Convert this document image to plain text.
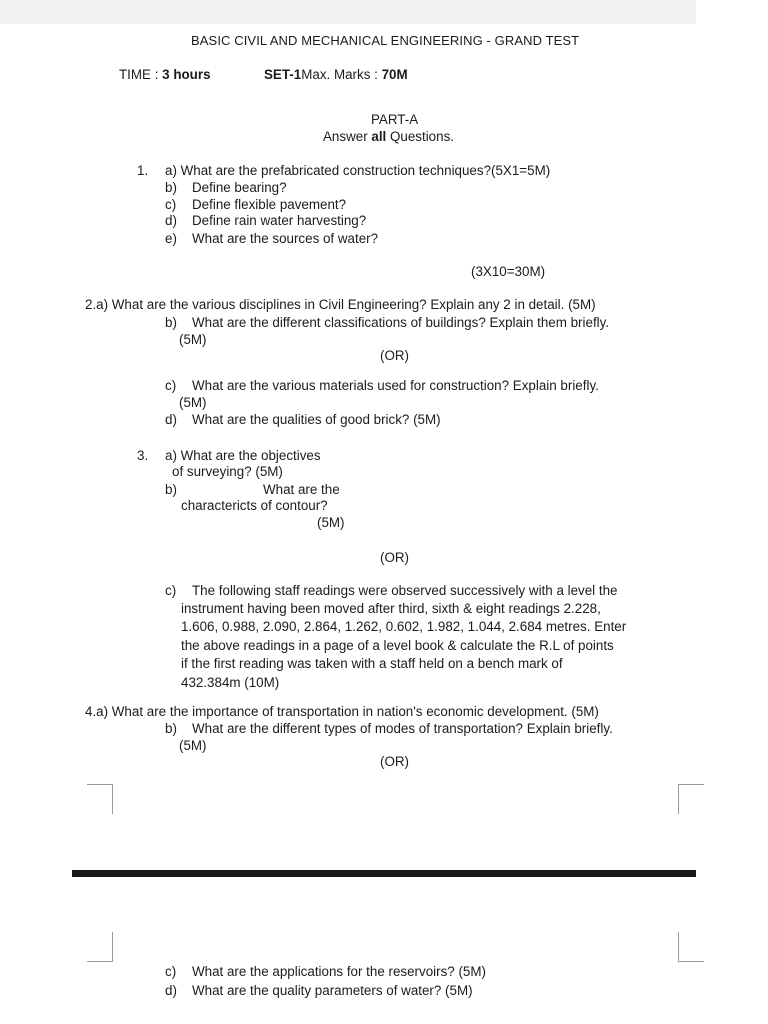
BASIC CIVIL AND MECHANICAL ENGINEERING - GRAND TEST
TIME : 3 hours	SET-1Max. Marks : 70M
PART-A
Answer all Questions.
1. a) What are the prefabricated construction techniques?(5X1=5M)
b) Define bearing?
c) Define flexible pavement?
d) Define rain water harvesting?
e) What are the sources of water?
(3X10=30M)
2.a) What are the various disciplines in Civil Engineering? Explain any 2 in detail. (5M)
b) What are the different classifications of buildings? Explain them briefly.
(5M)
(OR)
c) What are the various materials used for construction? Explain briefly.
(5M)
d) What are the qualities of good brick? (5M)
3. a) What are the objectives
of surveying? (5M)
b)	What are the
charactericts of contour?
(5M)
(OR)
c) The following staff readings were observed successively with a level the
instrument having been moved after third, sixth & eight readings 2.228,
1.606, 0.988, 2.090, 2.864, 1.262, 0.602, 1.982, 1.044, 2.684 metres. Enter
the above readings in a page of a level book & calculate the R.L of points
if the first reading was taken with a staff held on a bench mark of
432.384m (10M)
4.a) What are the importance of transportation in nation's economic development. (5M)
b) What are the different types of modes of transportation? Explain briefly.
(5M)
(OR)
c) What are the applications for the reservoirs? (5M)
d) What are the quality parameters of water? (5M)
